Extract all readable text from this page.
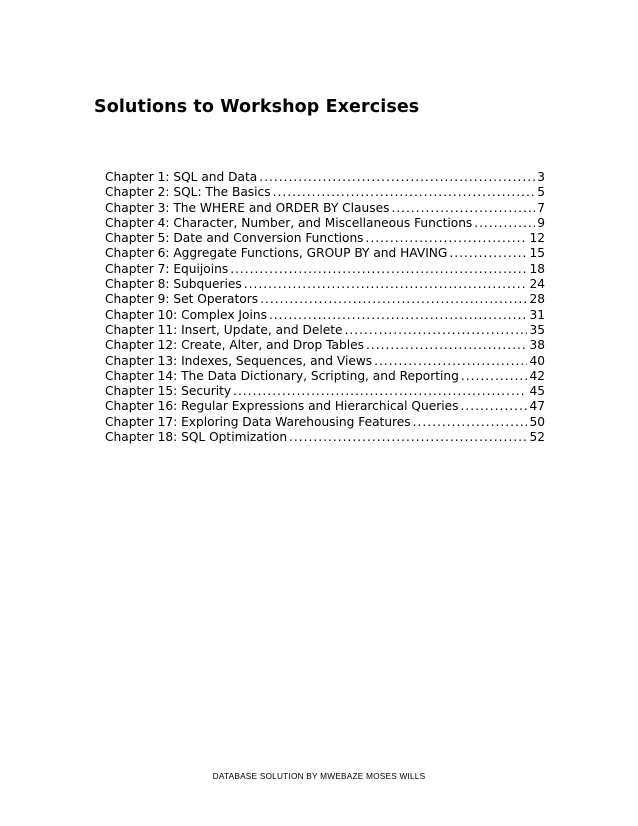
Solutions to Workshop Exercises
Chapter 1: SQL and Data .....	3
Chapter 2: SQL: The Basics .....	5
Chapter 3: The WHERE and ORDER BY Clauses .....	7
Chapter 4: Character, Number, and Miscellaneous Functions .....	9
Chapter 5: Date and Conversion Functions .....	12
Chapter 6: Aggregate Functions, GROUP BY and HAVING .....	15
Chapter 7: Equijoins .....	18
Chapter 8: Subqueries .....	24
Chapter 9: Set Operators .....	28
Chapter 10: Complex Joins .....	31
Chapter 11: Insert, Update, and Delete .....	35
Chapter 12: Create, Alter, and Drop Tables .....	38
Chapter 13: Indexes, Sequences, and Views .....	40
Chapter 14: The Data Dictionary, Scripting, and Reporting .....	42
Chapter 15: Security .....	45
Chapter 16: Regular Expressions and Hierarchical Queries .....	47
Chapter 17: Exploring Data Warehousing Features .....	50
Chapter 18: SQL Optimization .....	52
DATABASE SOLUTION BY MWEBAZE MOSES WILLS
